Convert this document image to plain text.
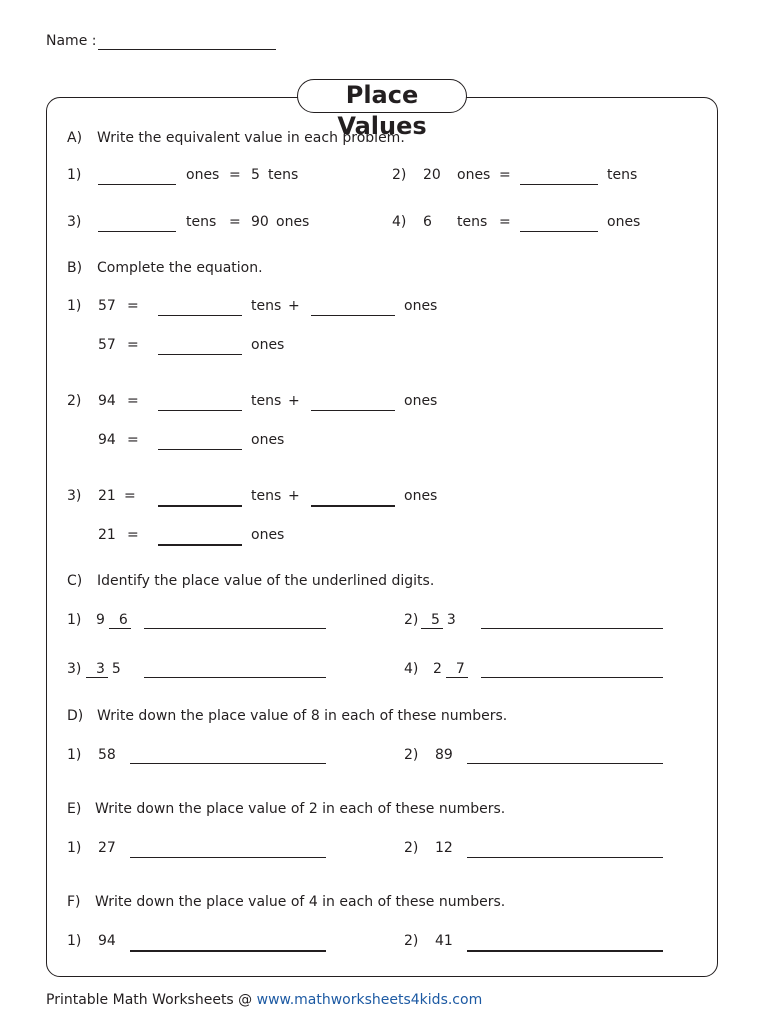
Name :
Place Values
A) Write the equivalent value in each problem.
1)	ones = 5 tens	2) 20 ones =	tens
3)	tens = 90 ones	4) 6 tens =	ones
B) Complete the equation.
1) 57 =	tens +	ones
57 =	ones
2) 94 =	tens +	ones
94 =	ones
3) 21 =	tens +	ones
21 =	ones
C) Identify the place value of the underlined digits.
1) 9 6	2) 5 3
3)	3 5	4) 2 7
D) Write down the place value of 8 in each of these numbers.
1) 58	2) 89
E) Write down the place value of 2 in each of these numbers.
1) 27	2) 12
F) Write down the place value of 4 in each of these numbers.
1) 94	2) 41
Printable Math Worksheets @ www.mathworksheets4kids.com
